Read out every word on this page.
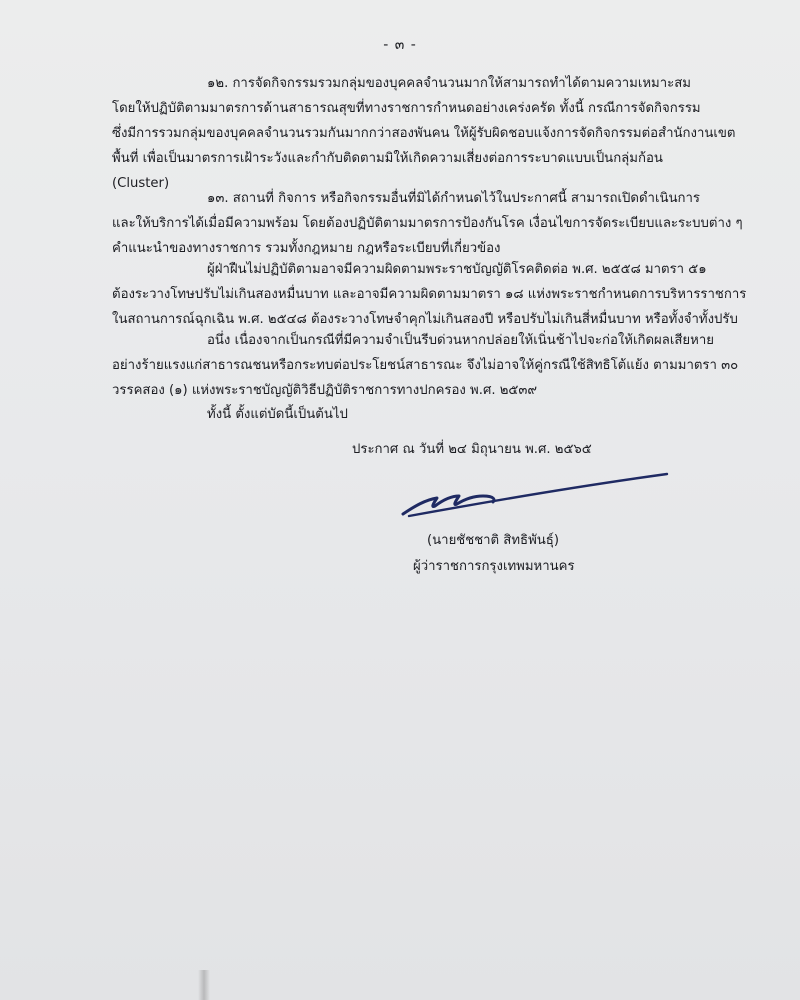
- ๓ -
๑๒. การจัดกิจกรรมรวมกลุ่มของบุคคลจำนวนมากให้สามารถทำได้ตามความเหมาะสม
โดยให้ปฏิบัติตามมาตรการด้านสาธารณสุขที่ทางราชการกำหนดอย่างเคร่งครัด ทั้งนี้ กรณีการจัดกิจกรรม
ซึ่งมีการรวมกลุ่มของบุคคลจำนวนรวมกันมากกว่าสองพันคน ให้ผู้รับผิดชอบแจ้งการจัดกิจกรรมต่อสำนักงานเขต
พื้นที่ เพื่อเป็นมาตรการเฝ้าระวังและกำกับติดตามมิให้เกิดความเสี่ยงต่อการระบาดแบบเป็นกลุ่มก้อน
(Cluster)
๑๓. สถานที่ กิจการ หรือกิจกรรมอื่นที่มิได้กำหนดไว้ในประกาศนี้ สามารถเปิดดำเนินการ
และให้บริการได้เมื่อมีความพร้อม โดยต้องปฏิบัติตามมาตรการป้องกันโรค เงื่อนไขการจัดระเบียบและระบบต่าง ๆ
คำแนะนำของทางราชการ รวมทั้งกฎหมาย กฎหรือระเบียบที่เกี่ยวข้อง
ผู้ฝ่าฝืนไม่ปฏิบัติตามอาจมีความผิดตามพระราชบัญญัติโรคติดต่อ พ.ศ. ๒๕๕๘ มาตรา ๕๑
ต้องระวางโทษปรับไม่เกินสองหมื่นบาท และอาจมีความผิดตามมาตรา ๑๘ แห่งพระราชกำหนดการบริหารราชการ
ในสถานการณ์ฉุกเฉิน พ.ศ. ๒๕๔๘ ต้องระวางโทษจำคุกไม่เกินสองปี หรือปรับไม่เกินสี่หมื่นบาท หรือทั้งจำทั้งปรับ
อนึ่ง เนื่องจากเป็นกรณีที่มีความจำเป็นรีบด่วนหากปล่อยให้เนิ่นช้าไปจะก่อให้เกิดผลเสียหาย
อย่างร้ายแรงแก่สาธารณชนหรือกระทบต่อประโยชน์สาธารณะ จึงไม่อาจให้คู่กรณีใช้สิทธิโต้แย้ง ตามมาตรา ๓๐
วรรคสอง (๑) แห่งพระราชบัญญัติวิธีปฏิบัติราชการทางปกครอง พ.ศ. ๒๕๓๙
ทั้งนี้ ตั้งแต่บัดนี้เป็นต้นไป
ประกาศ ณ วันที่ ๒๔ มิถุนายน พ.ศ. ๒๕๖๕
(นายชัชชาติ สิทธิพันธุ์)
ผู้ว่าราชการกรุงเทพมหานคร
